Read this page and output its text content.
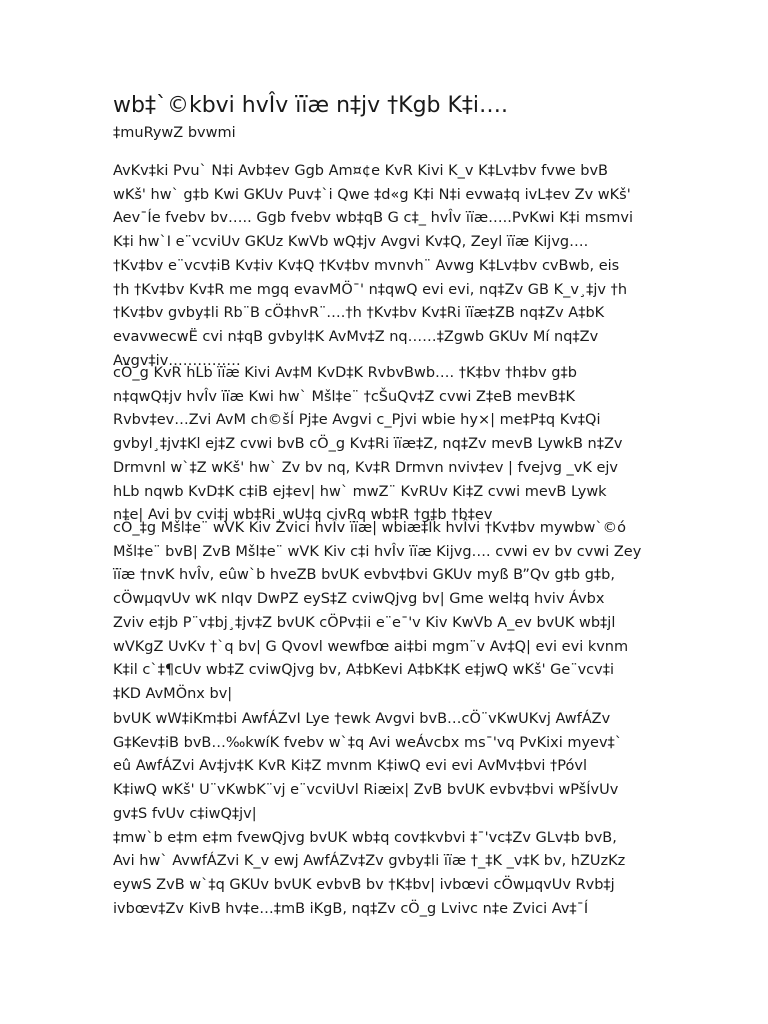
wb‡`©kbvi hvÎv ïïæ n‡jv †Kgb K‡i….
‡muRywZ bvwmi
AvKv‡ki Pvu` N‡i Avb‡ev Ggb Am¤¢e KvR Kivi K_v K‡Lv‡bv fvwe bvB
wKš' hw` g‡b Kwi GKUv Puv‡`i Qwe ‡d«g K‡i N‡i evwa‡q ivL‡ev Zv wKš'
Aev¯Íe fvebv bv….. Ggb fvebv wb‡qB G c‡_ hvÎv ïïæ…..PvKwi K‡i msmvi
K‡i hw`I e¨vcviUv GKUz KwVb wQ‡jv Avgvi Kv‡Q, Zeyl ïïæ Kijvg….
†Kv‡bv e¨vcv‡iB Kv‡iv Kv‡Q †Kv‡bv mvnvh¨ Avwg K‡Lv‡bv cvBwb, eis
†h †Kv‡bv Kv‡R me mgq evavMÖ¯' n‡qwQ evi evi, nq‡Zv GB K_v¸‡jv †h
†Kv‡bv gvby‡li Rb¨B cÖ‡hvR¨….†h †Kv‡bv Kv‡Ri ïïæ‡ZB nq‡Zv A‡bK
evavwecwË cvi n‡qB gvbyl‡K AvMv‡Z nq……‡Zgwb GKUv Mí nq‡Zv
Avgv‡iv……………
cÖ_g KvR hLb ïïæ Kivi Av‡M KvD‡K RvbvBwb…. †K‡bv †h‡bv g‡b
n‡qwQ‡jv hvÎv ïïæ Kwi hw` Mšl‡e¨ †cŠuQv‡Z cvwi Z‡eB mevB‡K
Rvbv‡ev…Zvi AvM ch©šÍ Pj‡e Avgvi c_Pjvi wbie hy×| me‡P‡q Kv‡Qi
gvbyl¸‡jv‡Kl ej‡Z cvwi bvB cÖ_g Kv‡Ri ïïæ‡Z, nq‡Zv mevB LywkB n‡Zv
Drmvnl w`‡Z wKš' hw` Zv bv nq, Kv‡R Drmvn nviv‡ev | fvejvg _vK ejv
hLb nqwb KvD‡K c‡iB ej‡ev| hw` mwZ¨ KvRUv Ki‡Z cvwi mevB Lywk
n‡e| Avi bv cvi‡j wb‡Ri¸wU‡q civRq wb‡R †g‡b †b‡ev
cÖ_‡g Mšl‡e¨ wVK Kiv Zvici hvÎv ïïæ| wbiæ‡Ïk hvÎvi †Kv‡bv mywbw`©ó
Mšl‡e¨ bvB| ZvB Mšl‡e¨ wVK Kiv c‡i hvÎv ïïæ Kijvg…. cvwi ev bv cvwi Zey
ïïæ †nvK hvÎv, eûw`b hveZB bvUK evbv‡bvi GKUv myß B”Qv g‡b g‡b,
cÖwµqvUv wK nIqv DwPZ eyS‡Z cviwQjvg bv| Gme wel‡q hviv Ávbx
Zviv e‡jb P¨v‡bj¸‡jv‡Z bvUK cÖPv‡ii e¨e¯'v Kiv KwVb A_ev bvUK wb‡jl
wVKgZ UvKv †`q bv| G Qvovl wewfbœ ai‡bi mgm¨v Av‡Q| evi evi kvnm
K‡il c`‡¶cUv wb‡Z cviwQjvg bv, A‡bKevi A‡bK‡K e‡jwQ wKš' Ge¨vcv‡i
‡KD AvMÖnx bv|
bvUK wW‡iKm‡bi AwfÁZvI Lye †ewk Avgvi bvB…cÖ¨vKwUKvj AwfÁZv
G‡Kev‡iB bvB…‰kwíK fvebv w`‡q Avi weÁvcbx ms¯'vq PvKixi myev‡`
eû AwfÁZvi Av‡jv‡K KvR Ki‡Z mvnm K‡iwQ evi evi AvMv‡bvi †Póvl
K‡iwQ wKš' U¨vKwbK¨vj e¨vcviUvl Riæix| ZvB bvUK evbv‡bvi wPšÍvUv
gv‡S fvUv c‡iwQ‡jv|
‡mw`b e‡m e‡m fvewQjvg bvUK wb‡q cov‡kvbvi ‡¯'vc‡Zv GLv‡b bvB,
Avi hw` AvwfÁZvi K_v ewj AwfÁZv‡Zv gvby‡li ïïæ †_‡K _v‡K bv, hZUzKz
eywS ZvB w`‡q GKUv bvUK evbvB bv †K‡bv| ivbœvi cÖwµqvUv Rvb‡j
ivbœv‡Zv KivB hv‡e…‡mB iKgB, nq‡Zv cÖ_g Lvivc n‡e Zvici Av‡¯Í
